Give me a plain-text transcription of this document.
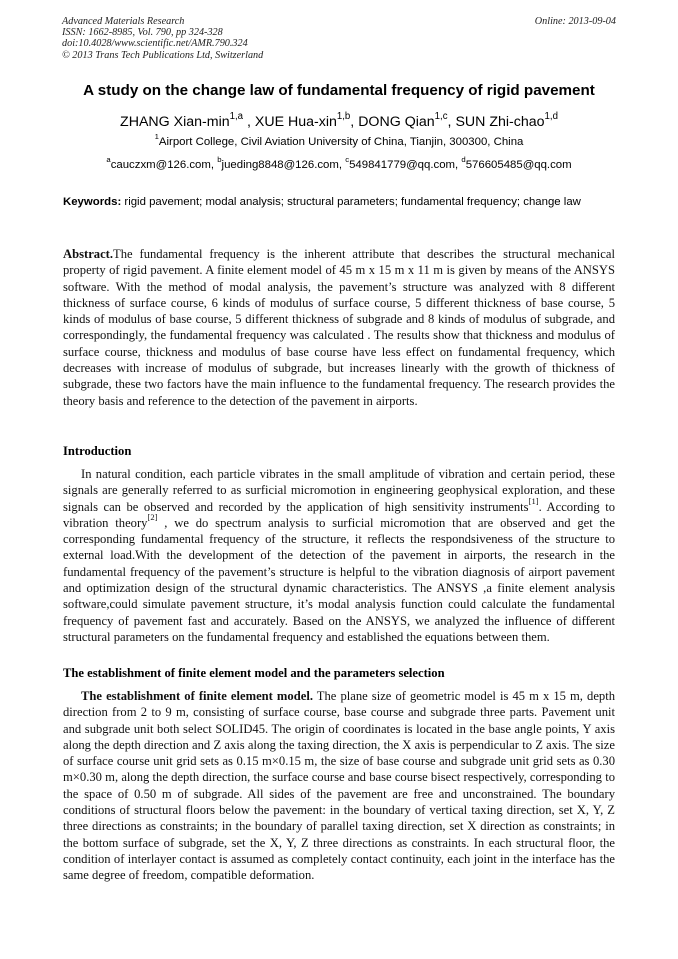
Advanced Materials Research
ISSN: 1662-8985, Vol. 790, pp 324-328
doi:10.4028/www.scientific.net/AMR.790.324
© 2013 Trans Tech Publications Ltd, Switzerland
Online: 2013-09-04
A study on the change law of fundamental frequency of rigid pavement
ZHANG Xian-$\min^{1,a}$ , XUE Hua-xin$^{1,b}$, DONG Qian$^{1,c}$, SUN Zhi-chao$^{1,d}$
$^1$Airport College, Civil Aviation University of China, Tianjin, 300300, China
$^a$cauczxm@126.com, $^b$jueding8848@126.com, $^c$549841779@qq.com, $^d$576605485@qq.com
Keywords: rigid pavement; modal analysis; structural parameters; fundamental frequency; change law
Abstract.The fundamental frequency is the inherent attribute that describes the structural mechanical property of rigid pavement. A finite element model of 45 m x 15 m x 11 m is given by means of the ANSYS software. With the method of modal analysis, the pavement’s structure was analyzed with 8 different thickness of surface course, 6 kinds of modulus of surface course, 5 different thickness of base course, 5 kinds of modulus of base course, 5 different thickness of subgrade and 8 kinds of modulus of subgrade, and correspondingly, the fundamental frequency was calculated . The results show that thickness and modulus of surface course, thickness and modulus of base course have less effect on fundamental frequency, which decreases with increase of modulus of subgrade, but increases linearly with the growth of thickness of subgrade, these two factors have the main influence to the fundamental frequency. The research provides the theory basis and reference to the detection of the pavement in airports.
Introduction
In natural condition, each particle vibrates in the small amplitude of vibration and certain period, these signals are generally referred to as surficial micromotion in engineering geophysical exploration, and these signals can be observed and recorded by the application of high sensitivity instruments[1]. According to vibration theory[2] , we do spectrum analysis to surficial micromotion that are observed and get the corresponding fundamental frequency of the structure, it reflects the respondsiveness of the structure to external load.With the development of the detection of the pavement in airports, the research in the fundamental frequency of the pavement’s structure is helpful to the vibration diagnosis of airport pavement and optimization design of the structural dynamic characteristics. The ANSYS ,a finite element analysis software,could simulate pavement structure, it’s modal analysis function could calculate the fundamental frequency of pavement fast and accurately. Based on the ANSYS, we analyzed the influence of different structural parameters on the fundamental frequency and established the equations between them.
The establishment of finite element model and the parameters selection
The establishment of finite element model. The plane size of geometric model is 45 m x 15 m, depth direction from 2 to 9 m, consisting of surface course, base course and subgrade three parts. Pavement unit and subgrade unit both select SOLID45. The origin of coordinates is located in the base angle points, Y axis along the depth direction and Z axis along the taxing direction, the X axis is perpendicular to Z axis. The size of surface course unit grid sets as 0.15 m×0.15 m, the size of base course and subgrade unit grid sets as 0.30 m×0.30 m, along the depth direction, the surface course and base course bisect respectively, corresponding to the space of 0.50 m of subgrade. All sides of the pavement are free and unconstrained. The boundary conditions of structural floors below the pavement: in the boundary of vertical taxing direction, set X, Y, Z three directions as constraints; in the boundary of parallel taxing direction, set X direction as constraints; in the bottom surface of subgrade, set the X, Y, Z three directions as constraints. In each structural floor, the condition of interlayer contact is assumed as completely contact continuity, each joint in the interface has the same degree of freedom, compatible deformation.
